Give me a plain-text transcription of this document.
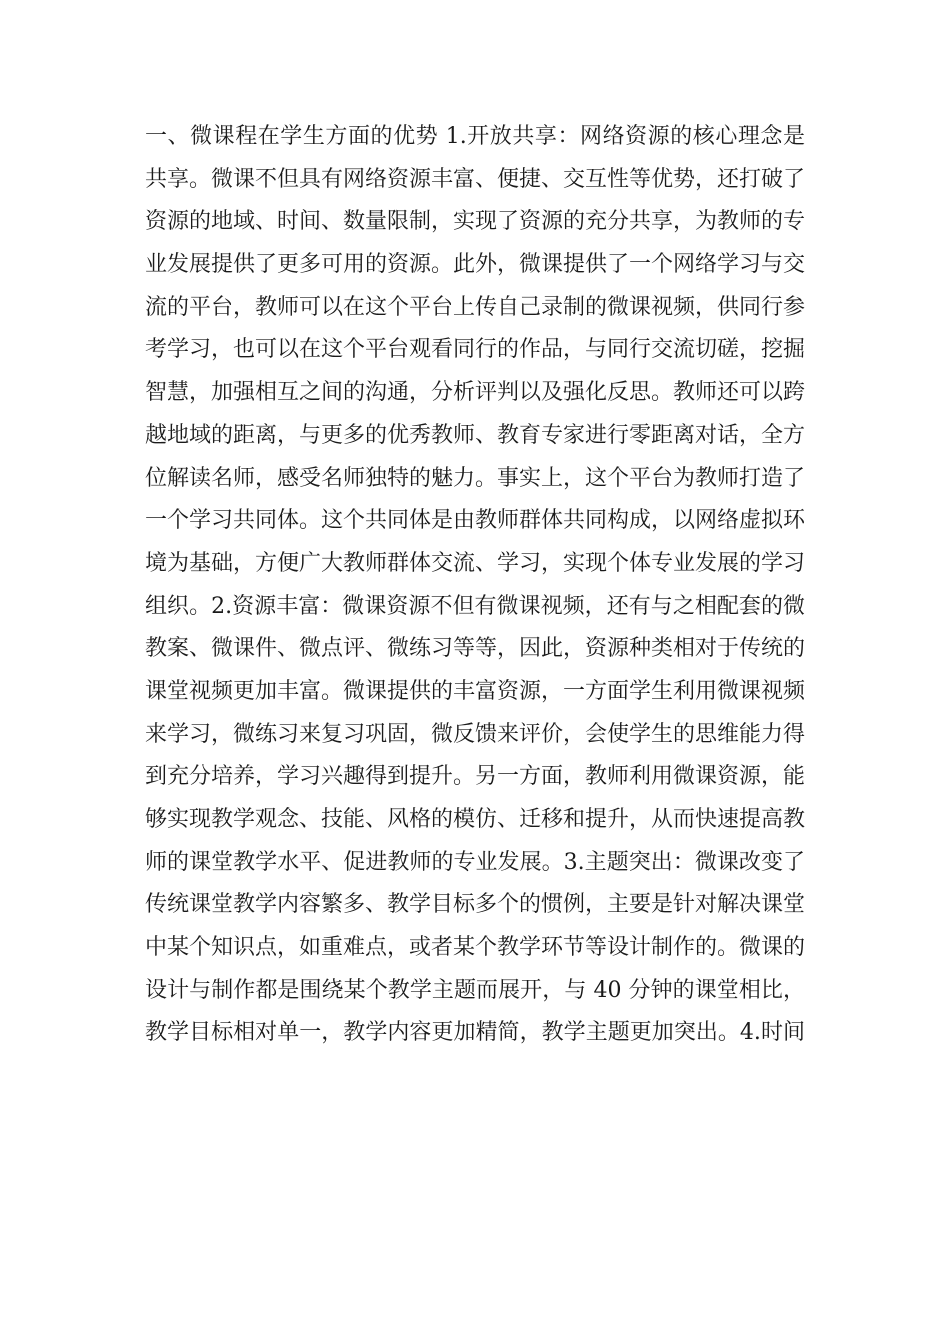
一、微课程在学生方面的优势 1.开放共享：网络资源的核心理念是
共享。微课不但具有网络资源丰富、便捷、交互性等优势，还打破了
资源的地域、时间、数量限制，实现了资源的充分共享，为教师的专
业发展提供了更多可用的资源。此外，微课提供了一个网络学习与交
流的平台，教师可以在这个平台上传自己录制的微课视频，供同行参
考学习，也可以在这个平台观看同行的作品，与同行交流切磋，挖掘
智慧，加强相互之间的沟通，分析评判以及强化反思。教师还可以跨
越地域的距离，与更多的优秀教师、教育专家进行零距离对话，全方
位解读名师，感受名师独特的魅力。事实上，这个平台为教师打造了
一个学习共同体。这个共同体是由教师群体共同构成，以网络虚拟环
境为基础，方便广大教师群体交流、学习，实现个体专业发展的学习
组织。2.资源丰富：微课资源不但有微课视频，还有与之相配套的微
教案、微课件、微点评、微练习等等，因此，资源种类相对于传统的
课堂视频更加丰富。微课提供的丰富资源，一方面学生利用微课视频
来学习，微练习来复习巩固，微反馈来评价，会使学生的思维能力得
到充分培养，学习兴趣得到提升。另一方面，教师利用微课资源，能
够实现教学观念、技能、风格的模仿、迁移和提升，从而快速提高教
师的课堂教学水平、促进教师的专业发展。3.主题突出：微课改变了
传统课堂教学内容繁多、教学目标多个的惯例，主要是针对解决课堂
中某个知识点，如重难点，或者某个教学环节等设计制作的。微课的
设计与制作都是围绕某个教学主题而展开，与 40 分钟的课堂相比，
教学目标相对单一，教学内容更加精简，教学主题更加突出。4.时间
